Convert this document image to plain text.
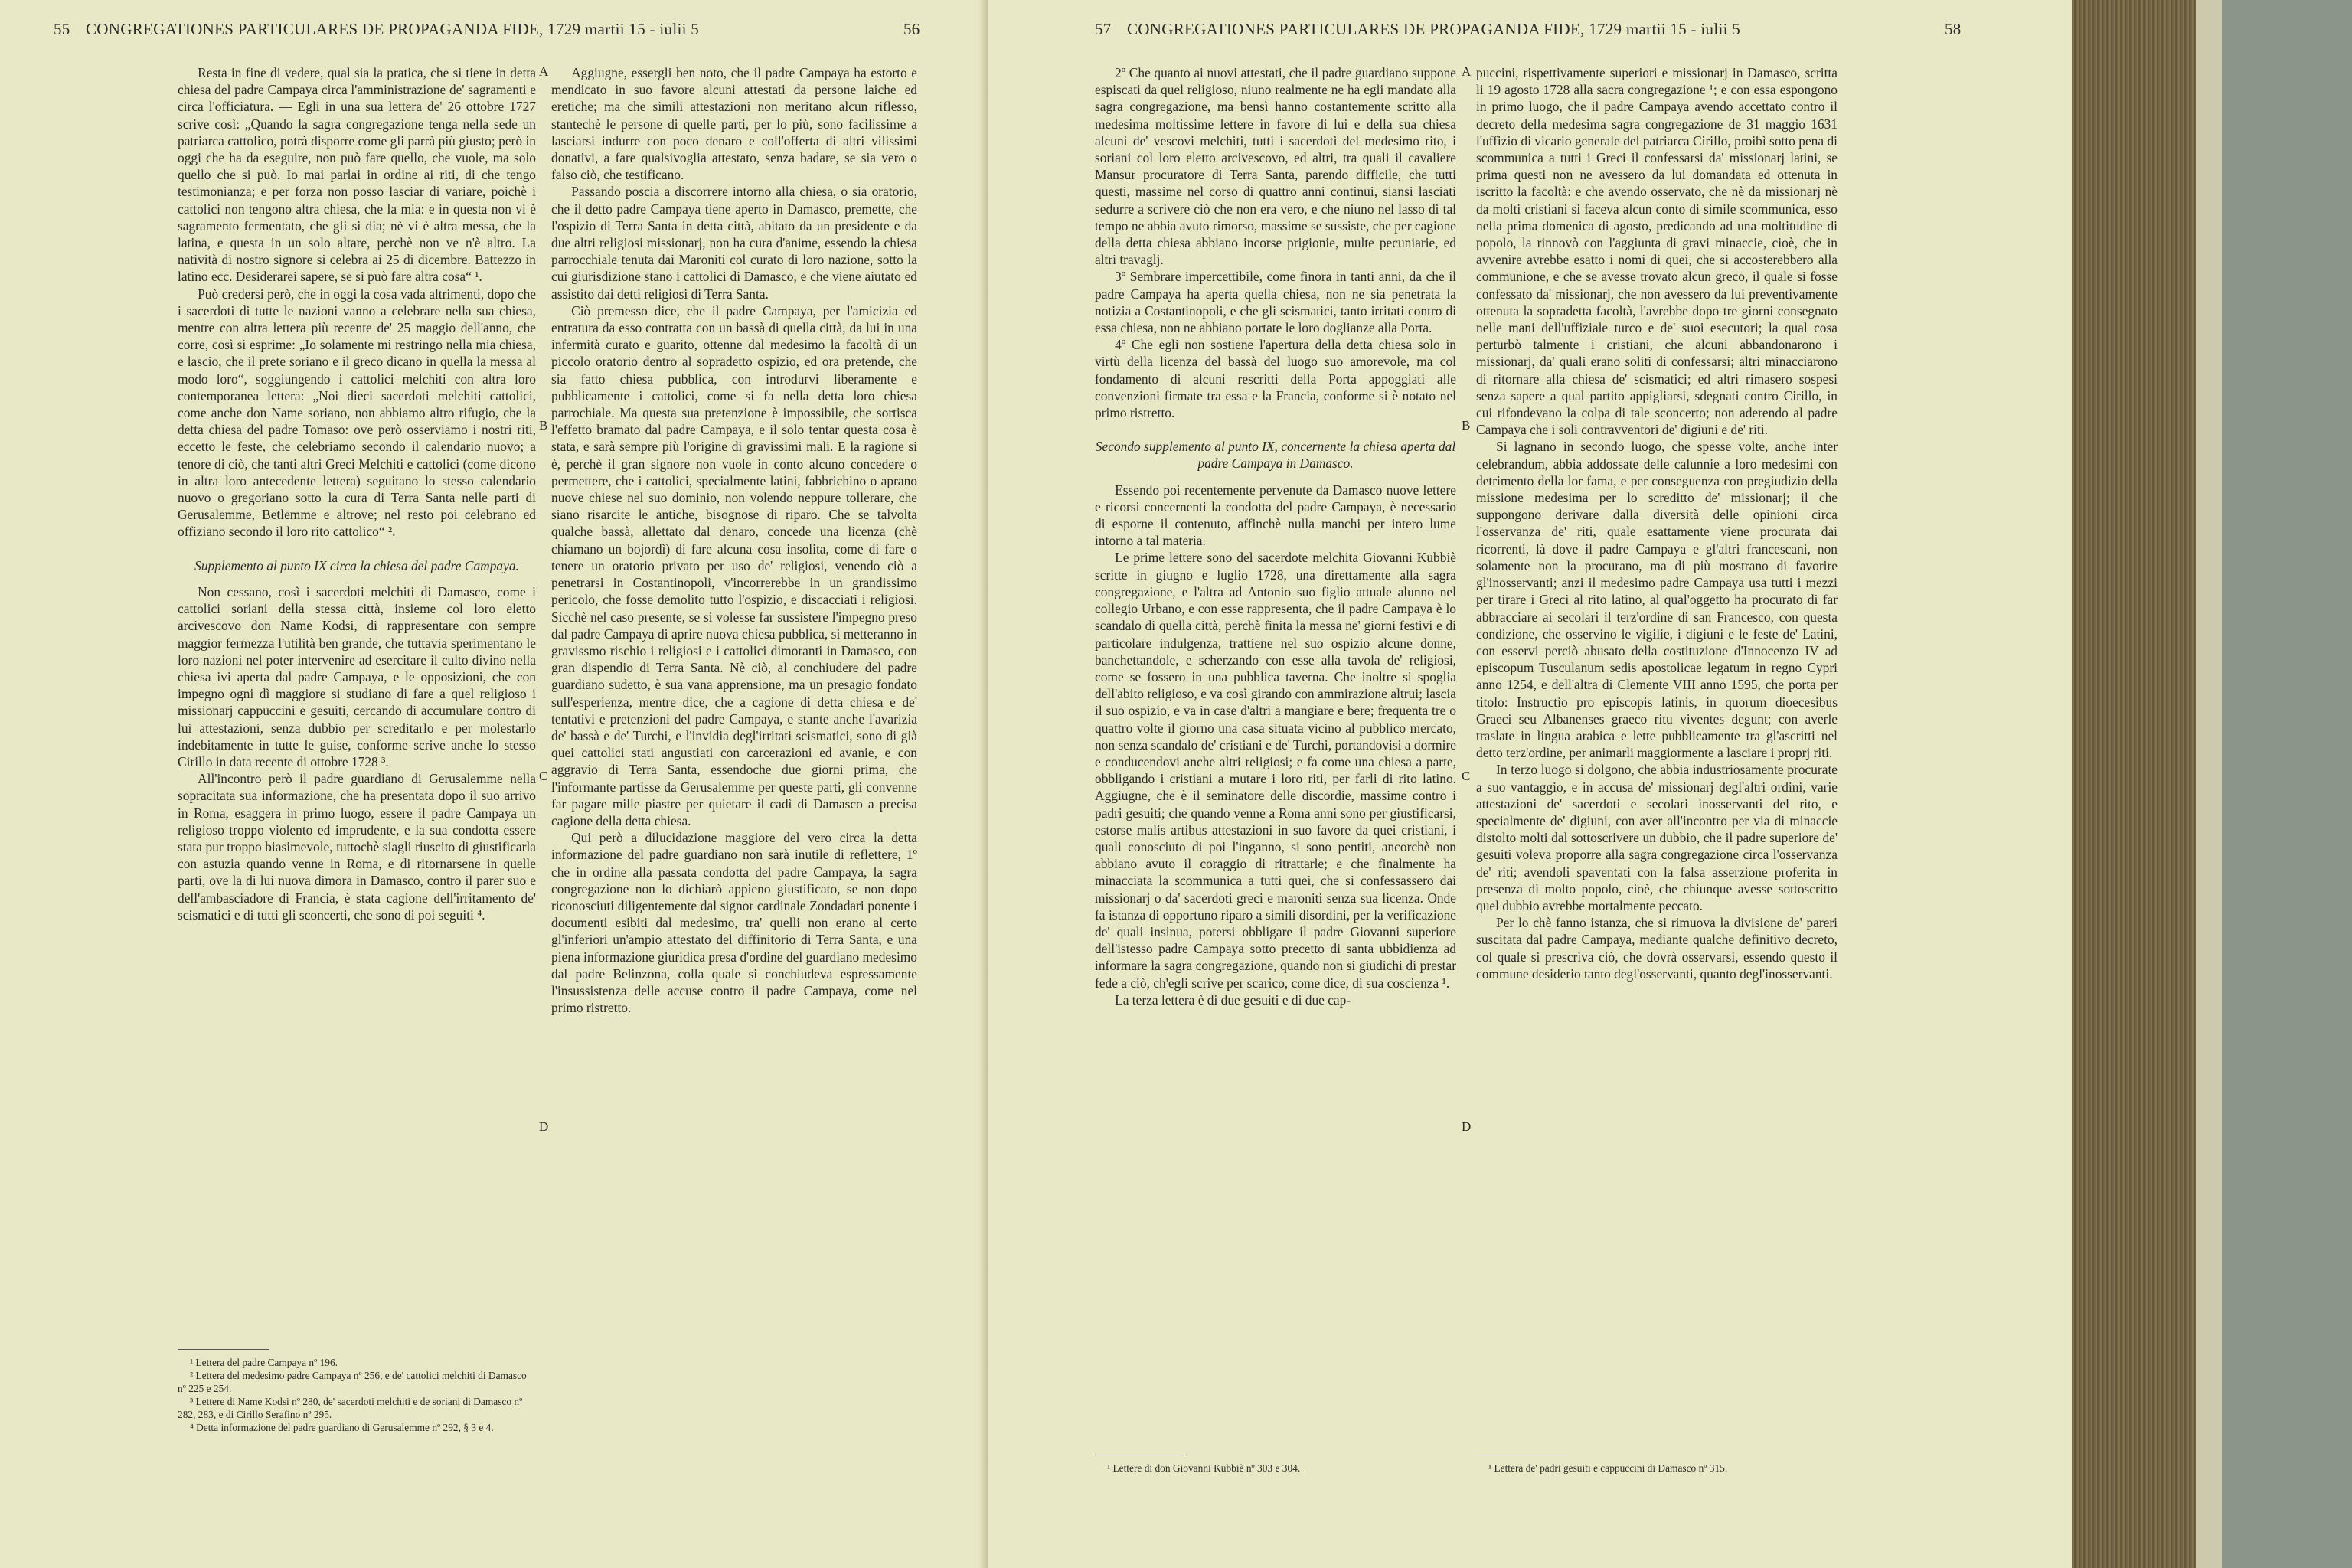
55 CONGREGATIONES PARTICULARES DE PROPAGANDA FIDE, 1729 martii 15 - iulii 5	56

Resta in fine di vedere, qual sia la pratica, che si tiene in detta chiesa del padre Campaya circa l'amministrazione de' sagramenti e circa l'officiatura. — Egli in una sua lettera de' 26 ottobre 1727 scrive così: „Quando la sagra congregazione tenga nella sede un patriarca cattolico, potrà disporre come gli parrà più giusto; però in oggi che ha da eseguire, non può fare quello, che vuole, ma solo quello che si può. Io mai parlai in ordine ai riti, di che tengo testimonianza; e per forza non posso lasciar di variare, poichè i cattolici non tengono altra chiesa, che la mia: e in questa non vi è sagramento fermentato, che gli si dia; nè vi è altra messa, che la latina, e questa in un solo altare, perchè non ve n'è altro. La natività di nostro signore si celebra ai 25 di dicembre. Battezzo in latino ecc. Desiderarei sapere, se si può fare altra cosa“ ¹.

Può credersi però, che in oggi la cosa vada altrimenti, dopo che i sacerdoti di tutte le nazioni vanno a celebrare nella sua chiesa, mentre con altra lettera più recente de' 25 maggio dell'anno, che corre, così si esprime: „Io solamente mi restringo nella mia chiesa, e lascio, che il prete soriano e il greco dicano in quella la messa al modo loro“, soggiungendo i cattolici melchiti con altra loro contemporanea lettera: „Noi dieci sacerdoti melchiti cattolici, come anche don Name soriano, non abbiamo altro rifugio, che la detta chiesa del padre Tomaso: ove però osserviamo i nostri riti, eccetto le feste, che celebriamo secondo il calendario nuovo; a tenore di ciò, che tanti altri Greci Melchiti e cattolici (come dicono in altra loro antecedente lettera) seguitano lo stesso calendario nuovo o gregoriano sotto la cura di Terra Santa nelle parti di Gerusalemme, Betlemme e altrove; nel resto poi celebrano ed offiziano secondo il loro rito cattolico“ ².

Supplemento al punto IX circa la chiesa del padre Campaya.

Non cessano, così i sacerdoti melchiti di Damasco, come i cattolici soriani della stessa città, insieme col loro eletto arcivescovo don Name Kodsi, di rappresentare con sempre maggior fermezza l'utilità ben grande, che tuttavia sperimentano le loro nazioni nel poter intervenire ad esercitare il culto divino nella chiesa ivi aperta dal padre Campaya, e le opposizioni, che con impegno ogni dì maggiore si studiano di fare a quel religioso i missionarj cappuccini e gesuiti, cercando di accumulare contro di lui attestazioni, senza dubbio per screditarlo e per molestarlo indebitamente in tutte le guise, conforme scrive anche lo stesso Cirillo in data recente di ottobre 1728 ³.

All'incontro però il padre guardiano di Gerusalemme nella sopracitata sua informazione, che ha presentata dopo il suo arrivo in Roma, esaggera in primo luogo, essere il padre Campaya un religioso troppo violento ed imprudente, e la sua condotta essere stata pur troppo biasimevole, tuttochè siagli riuscito di giustificarla con astuzia quando venne in Roma, e di ritornarsene in quelle parti, ove la di lui nuova dimora in Damasco, contro il parer suo e dell'ambasciadore di Francia, è stata cagione dell'irritamento de' scismatici e di tutti gli sconcerti, che sono di poi seguiti ⁴.

¹ Lettera del padre Campaya nº 196.
² Lettera del medesimo padre Campaya nº 256, e de' cattolici melchiti di Damasco nº 225 e 254.
³ Lettere di Name Kodsi nº 280, de' sacerdoti melchiti e de soriani di Damasco nº 282, 283, e di Cirillo Serafino nº 295.
⁴ Detta informazione del padre guardiano di Gerusalemme nº 292, § 3 e 4.

Aggiugne, essergli ben noto, che il padre Campaya ha estorto e mendicato in suo favore alcuni attestati da persone laiche ed eretiche; ma che simili attestazioni non meritano alcun riflesso, stantechè le persone di quelle parti, per lo più, sono facilissime a lasciarsi indurre con poco denaro e coll'offerta di altri vilissimi donativi, a fare qualsivoglia attestato, senza badare, se sia vero o falso ciò, che testificano.

Passando poscia a discorrere intorno alla chiesa, o sia oratorio, che il detto padre Campaya tiene aperto in Damasco, premette, che l'ospizio di Terra Santa in detta città, abitato da un presidente e da due altri religiosi missionarj, non ha cura d'anime, essendo la chiesa parrocchiale tenuta dai Maroniti col curato di loro nazione, sotto la cui giurisdizione stano i cattolici di Damasco, e che viene aiutato ed assistito dai detti religiosi di Terra Santa.

Ciò premesso dice, che il padre Campaya, per l'amicizia ed entratura da esso contratta con un bassà di quella città, da lui in una infermità curato e guarito, ottenne dal medesimo la facoltà di un piccolo oratorio dentro al sopradetto ospizio, ed ora pretende, che sia fatto chiesa pubblica, con introdurvi liberamente e pubblicamente i cattolici, come si fa nella detta loro chiesa parrochiale. Ma questa sua pretenzione è impossibile, che sortisca l'effetto bramato dal padre Campaya, e il solo tentar questa cosa è stata, e sarà sempre più l'origine di gravissimi mali. E la ragione si è, perchè il gran signore non vuole in conto alcuno concedere o permettere, che i cattolici, specialmente latini, fabbrichino o aprano nuove chiese nel suo dominio, non volendo neppure tollerare, che siano risarcite le antiche, bisognose di riparo. Che se talvolta qualche bassà, allettato dal denaro, concede una licenza (chè chiamano un bojordì) di fare alcuna cosa insolita, come di fare o tenere un oratorio privato per uso de' religiosi, venendo ciò a penetrarsi in Costantinopoli, v'incorrerebbe in un grandissimo pericolo, che fosse demolito tutto l'ospizio, e discacciati i religiosi. Sicchè nel caso presente, se si volesse far sussistere l'impegno preso dal padre Campaya di aprire nuova chiesa pubblica, si metteranno in gravissmo rischio i religiosi e i cattolici dimoranti in Damasco, con gran dispendio di Terra Santa. Nè ciò, al conchiudere del padre guardiano sudetto, è sua vana apprensione, ma un presagio fondato sull'esperienza, mentre dice, che a cagione di detta chiesa e de' tentativi e pretenzioni del padre Campaya, e stante anche l'avarizia de' bassà e de' Turchi, e l'invidia degl'irritati scismatici, sono di già quei cattolici stati angustiati con carcerazioni ed avanie, e con aggravio di Terra Santa, essendoche due giorni prima, che l'informante partisse da Gerusalemme per queste parti, gli convenne far pagare mille piastre per quietare il cadì di Damasco a precisa cagione della detta chiesa.

Qui però a dilucidazione maggiore del vero circa la detta informazione del padre guardiano non sarà inutile di reflettere, 1º che in ordine alla passata condotta del padre Campaya, la sagra congregazione non lo dichiarò appieno giustificato, se non dopo riconosciuti diligentemente dal signor cardinale Zondadari ponente i documenti esibiti dal medesimo, tra' quelli non erano al certo gl'inferiori un'ampio attestato del diffinitorio di Terra Santa, e una piena informazione giuridica presa d'ordine del guardiano medesimo dal padre Belinzona, colla quale si conchiudeva espressamente l'insussistenza delle accuse contro il padre Campaya, come nel primo ristretto.

A
B
C
D
57 CONGREGATIONES PARTICULARES DE PROPAGANDA FIDE, 1729 martii 15 - iulii 5	58

2º Che quanto ai nuovi attestati, che il padre guardiano suppone espiscati da quel religioso, niuno realmente ne ha egli mandato alla sagra congregazione, ma bensì hanno costantemente scritto alla medesima moltissime lettere in favore di lui e della sua chiesa alcuni de' vescovi melchiti, tutti i sacerdoti del medesimo rito, i soriani col loro eletto arcivescovo, ed altri, tra quali il cavaliere Mansur procuratore di Terra Santa, parendo difficile, che tutti questi, massime nel corso di quattro anni continui, siansi lasciati sedurre a scrivere ciò che non era vero, e che niuno nel lasso di tal tempo ne abbia avuto rimorso, massime se sussiste, che per cagione della detta chiesa abbiano incorse prigionie, multe pecuniarie, ed altri travaglj.

3º Sembrare impercettibile, come finora in tanti anni, da che il padre Campaya ha aperta quella chiesa, non ne sia penetrata la notizia a Costantinopoli, e che gli scismatici, tanto irritati contro di essa chiesa, non ne abbiano portate le loro doglianze alla Porta.

4º Che egli non sostiene l'apertura della detta chiesa solo in virtù della licenza del bassà del luogo suo amorevole, ma col fondamento di alcuni rescritti della Porta appoggiati alle convenzioni firmate tra essa e la Francia, conforme si è notato nel primo ristretto.

Secondo supplemento al punto IX, concernente la chiesa aperta dal padre Campaya in Damasco.

Essendo poi recentemente pervenute da Damasco nuove lettere e ricorsi concernenti la condotta del padre Campaya, è necessario di esporne il contenuto, affinchè nulla manchi per intero lume intorno a tal materia.

Le prime lettere sono del sacerdote melchita Giovanni Kubbiè scritte in giugno e luglio 1728, una direttamente alla sagra congregazione, e l'altra ad Antonio suo figlio attuale alunno nel collegio Urbano, e con esse rappresenta, che il padre Campaya è lo scandalo di quella città, perchè finita la messa ne' giorni festivi e di particolare indulgenza, trattiene nel suo ospizio alcune donne, banchettandole, e scherzando con esse alla tavola de' religiosi, come se fossero in una pubblica taverna. Che inoltre si spoglia dell'abito religioso, e va così girando con ammirazione altrui; lascia il suo ospizio, e va in case d'altri a mangiare e bere; frequenta tre o quattro volte il giorno una casa situata vicino al pubblico mercato, non senza scandalo de' cristiani e de' Turchi, portandovisi a dormire e conducendovi anche altri religiosi; e fa come una chiesa a parte, obbligando i cristiani a mutare i loro riti, per farli di rito latino. Aggiugne, che è il seminatore delle discordie, massime contro i padri gesuiti; che quando venne a Roma anni sono per giustificarsi, estorse malis artibus attestazioni in suo favore da quei cristiani, i quali conosciuto di poi l'inganno, si sono pentiti, ancorchè non abbiano avuto il coraggio di ritrattarle; e che finalmente ha minacciata la scommunica a tutti quei, che si confessassero dai missionarj o da' sacerdoti greci e maroniti senza sua licenza. Onde fa istanza di opportuno riparo a simili disordini, per la verificazione de' quali insinua, potersi obbligare il padre Giovanni superiore dell'istesso padre Campaya sotto precetto di santa ubbidienza ad informare la sagra congregazione, quando non si giudichi di prestar fede a ciò, ch'egli scrive per scarico, come dice, di sua coscienza ¹.

La terza lettera è di due gesuiti e di due cap-

¹ Lettere di don Giovanni Kubbiè nº 303 e 304.

puccini, rispettivamente superiori e missionarj in Damasco, scritta li 19 agosto 1728 alla sacra congregazione ¹; e con essa espongono in primo luogo, che il padre Campaya avendo accettato contro il decreto della medesima sagra congregazione de 31 maggio 1631 l'uffizio di vicario generale del patriarca Cirillo, proibì sotto pena di scommunica a tutti i Greci il confessarsi da' missionarj latini, se prima questi non ne avessero da lui domandata ed ottenuta in iscritto la facoltà: e che avendo osservato, che nè da missionarj nè da molti cristiani si faceva alcun conto di simile scommunica, esso nella prima domenica di agosto, predicando ad una moltitudine di popolo, la rinnovò con l'aggiunta di gravi minaccie, cioè, che in avvenire avrebbe esatto i nomi di quei, che si accosterebbero alla communione, e che se avesse trovato alcun greco, il quale si fosse confessato da' missionarj, che non avessero da lui preventivamente ottenuta la sopradetta facoltà, l'avrebbe dopo tre giorni consegnato nelle mani dell'uffiziale turco e de' suoi esecutori; la qual cosa perturbò talmente i cristiani, che alcuni abbandonarono i missionarj, da' quali erano soliti di confessarsi; altri minacciarono di ritornare alla chiesa de' scismatici; ed altri rimasero sospesi senza sapere a qual partito appigliarsi, sdegnati contro Cirillo, in cui rifondevano la colpa di tale sconcerto; non aderendo al padre Campaya che i soli contravventori de' digiuni e de' riti.

Si lagnano in secondo luogo, che spesse volte, anche inter celebrandum, abbia addossate delle calunnie a loro medesimi con detrimento della lor fama, e per conseguenza con pregiudizio della missione medesima per lo screditto de' missionarj; il che suppongono derivare dalla diversità delle opinioni circa l'osservanza de' riti, quale esattamente viene procurata dai ricorrenti, là dove il padre Campaya e gl'altri francescani, non solamente non la procurano, ma di più mostrano di favorire gl'inosservanti; anzi il medesimo padre Campaya usa tutti i mezzi per tirare i Greci al rito latino, al qual'oggetto ha procurato di far abbracciare ai secolari il terz'ordine di san Francesco, con questa condizione, che osservino le vigilie, i digiuni e le feste de' Latini, con esservi perciò abusato della costituzione d'Innocenzo IV ad episcopum Tusculanum sedis apostolicae legatum in regno Cypri anno 1254, e dell'altra di Clemente VIII anno 1595, che porta per titolo: Instructio pro episcopis latinis, in quorum dioecesibus Graeci seu Albanenses graeco ritu viventes degunt; con averle traslate in lingua arabica e lette pubblicamente tra gl'ascritti nel detto terz'ordine, per animarli maggiormente a lasciare i proprj riti.

In terzo luogo si dolgono, che abbia industriosamente procurate a suo vantaggio, e in accusa de' missionarj degl'altri ordini, varie attestazioni de' sacerdoti e secolari inosservanti del rito, e specialmente de' digiuni, con aver all'incontro per via di minaccie distolto molti dal sottoscrivere un dubbio, che il padre superiore de' gesuiti voleva proporre alla sagra congregazione circa l'osservanza de' riti; avendoli spaventati con la falsa asserzione proferita in presenza di molto popolo, cioè, che chiunque avesse sottoscritto quel dubbio avrebbe mortalmente peccato.

Per lo chè fanno istanza, che si rimuova la divisione de' pareri suscitata dal padre Campaya, mediante qualche definitivo decreto, col quale si prescriva ciò, che dovrà osservarsi, essendo questo il commune desiderio tanto degl'osservanti, quanto degl'inosservanti.

¹ Lettera de' padri gesuiti e cappuccini di Damasco nº 315.
A
B
C
D
